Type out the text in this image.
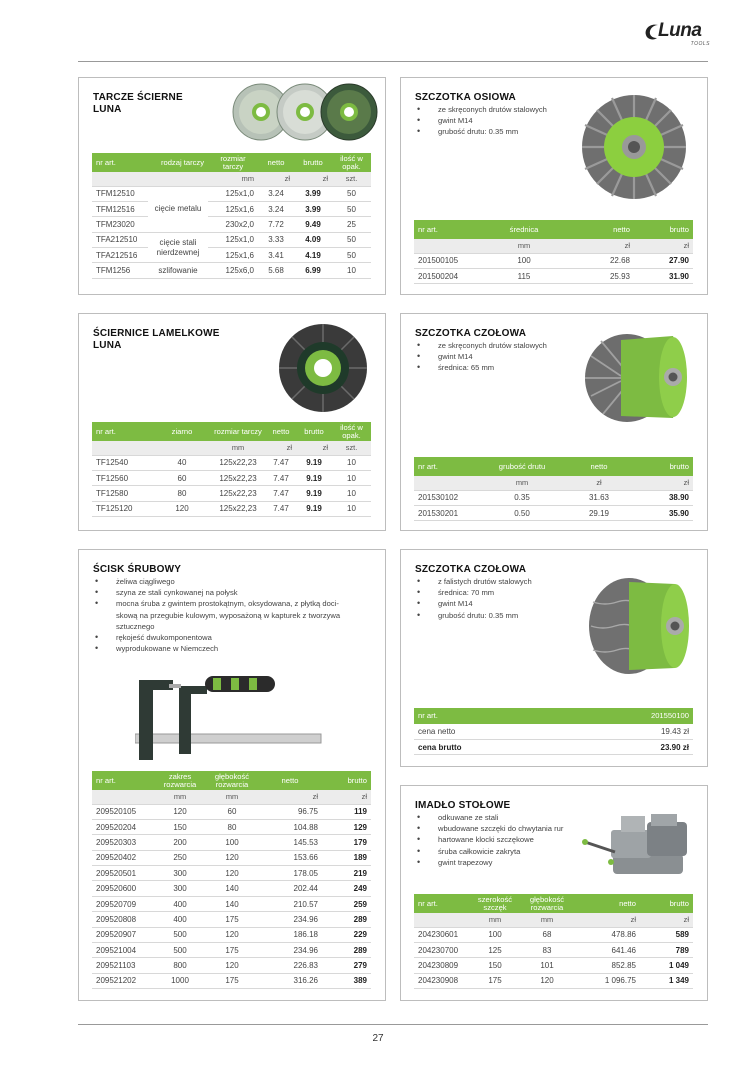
Luna
TOOLS
TARCZE ŚCIERNE LUNA
nr art.	rodzaj tarczy	rozmiar tarczy	netto	brutto	ilość w opak.
		mm	zł	zł	szt.
TFM12510	cięcie metalu	125x1,0	3.24	3.99	50
TFM12516		125x1,6	3.24	3.99	50
TFM23020		230x2,0	7.72	9.49	25
TFA212510	cięcie stali nierdzewnej	125x1,0	3.33	4.09	50
TFA212516		125x1,6	3.41	4.19	50
TFM1256	szlifowanie	125x6,0	5.68	6.99	10
SZCZOTKA OSIOWA
• ze skręconych drutów stalowych
• gwint M14
• grubość drutu: 0.35 mm
nr art.	średnica	netto	brutto
	mm	zł	zł
201500105	100	22.68	27.90
201500204	115	25.93	31.90
ŚCIERNICE LAMELKOWE LUNA
nr art.	ziarno	rozmiar tarczy	netto	brutto	ilość w opak.
		mm	zł	zł	szt.
TF12540	40	125x22,23	7.47	9.19	10
TF12560	60	125x22,23	7.47	9.19	10
TF12580	80	125x22,23	7.47	9.19	10
TF125120	120	125x22,23	7.47	9.19	10
SZCZOTKA CZOŁOWA
• ze skręconych drutów stalowych
• gwint M14
• średnica: 65 mm
nr art.	grubość drutu	netto	brutto
	mm	zł	zł
201530102	0.35	31.63	38.90
201530201	0.50	29.19	35.90
ŚCISK ŚRUBOWY
• żeliwa ciągliwego
• szyna ze stali cynkowanej na połysk
• mocna śruba z gwintem prostokątnym, oksydowana, z płytką doci-
skową na przegubie kulowym, wyposażoną w kapturek z tworzywa
sztucznego
• rękojeść dwukomponentowa
• wyprodukowane w Niemczech
nr art.	zakres rozwarcia	głębokość rozwarcia	netto	brutto
	mm	mm	zł	zł
209520105	120	60	96.75	119
209520204	150	80	104.88	129
209520303	200	100	145.53	179
209520402	250	120	153.66	189
209520501	300	120	178.05	219
209520600	300	140	202.44	249
209520709	400	140	210.57	259
209520808	400	175	234.96	289
209520907	500	120	186.18	229
209521004	500	175	234.96	289
209521103	800	120	226.83	279
209521202	1000	175	316.26	389
SZCZOTKA CZOŁOWA
• z falistych drutów stalowych
• średnica: 70 mm
• gwint M14
• grubość drutu: 0.35 mm
nr art.	201550100
cena netto	19.43 zł
cena brutto	23.90 zł
IMADŁO STOŁOWE
• odkuwane ze stali
• wbudowane szczęki do chwytania rur
• hartowane klocki szczękowe
• śruba całkowicie zakryta
• gwint trapezowy
nr art.	szerokość szczęk	głębokość rozwarcia	netto	brutto
	mm	mm	zł	zł
204230601	100	68	478.86	589
204230700	125	83	641.46	789
204230809	150	101	852.85	1 049
204230908	175	120	1 096.75	1 349
27
